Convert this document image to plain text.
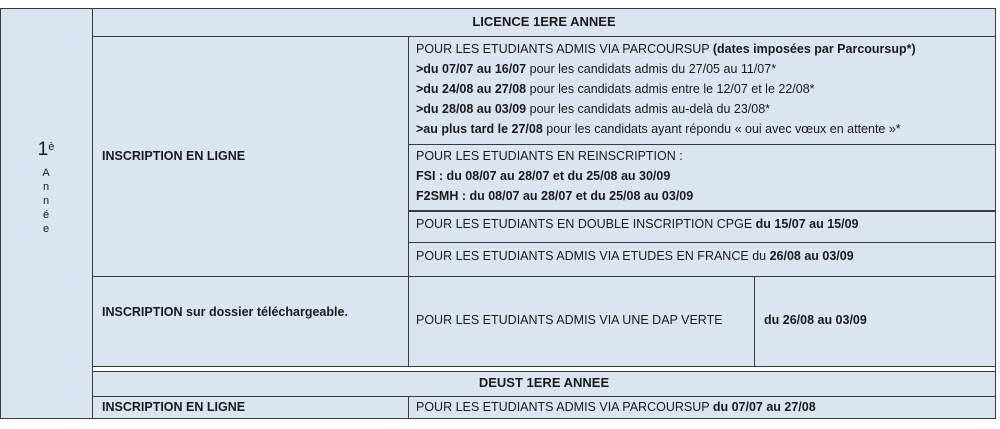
1è
A
n
n
é
e
LICENCE 1ERE ANNEE
INSCRIPTION EN LIGNE
POUR LES ETUDIANTS ADMIS VIA PARCOURSUP (dates imposées par Parcoursup*)
>du 07/07 au 16/07 pour les candidats admis du 27/05 au 11/07*
>du 24/08 au 27/08 pour les candidats admis entre le 12/07 et le 22/08*
>du 28/08 au 03/09 pour les candidats admis au-delà du 23/08*
>au plus tard le 27/08 pour les candidats ayant répondu « oui avec vœux en attente »*
POUR LES ETUDIANTS EN REINSCRIPTION :
FSI : du 08/07 au 28/07 et du 25/08 au 30/09
F2SMH : du 08/07 au 28/07 et du 25/08 au 03/09
POUR LES ETUDIANTS EN DOUBLE INSCRIPTION CPGE du 15/07 au 15/09
POUR LES ETUDIANTS ADMIS VIA ETUDES EN FRANCE du 26/08 au 03/09
INSCRIPTION sur dossier téléchargeable.
POUR LES ETUDIANTS ADMIS VIA UNE DAP VERTE	du 26/08 au 03/09
DEUST 1ERE ANNEE
INSCRIPTION EN LIGNE	POUR LES ETUDIANTS ADMIS VIA PARCOURSUP du 07/07 au 27/08
